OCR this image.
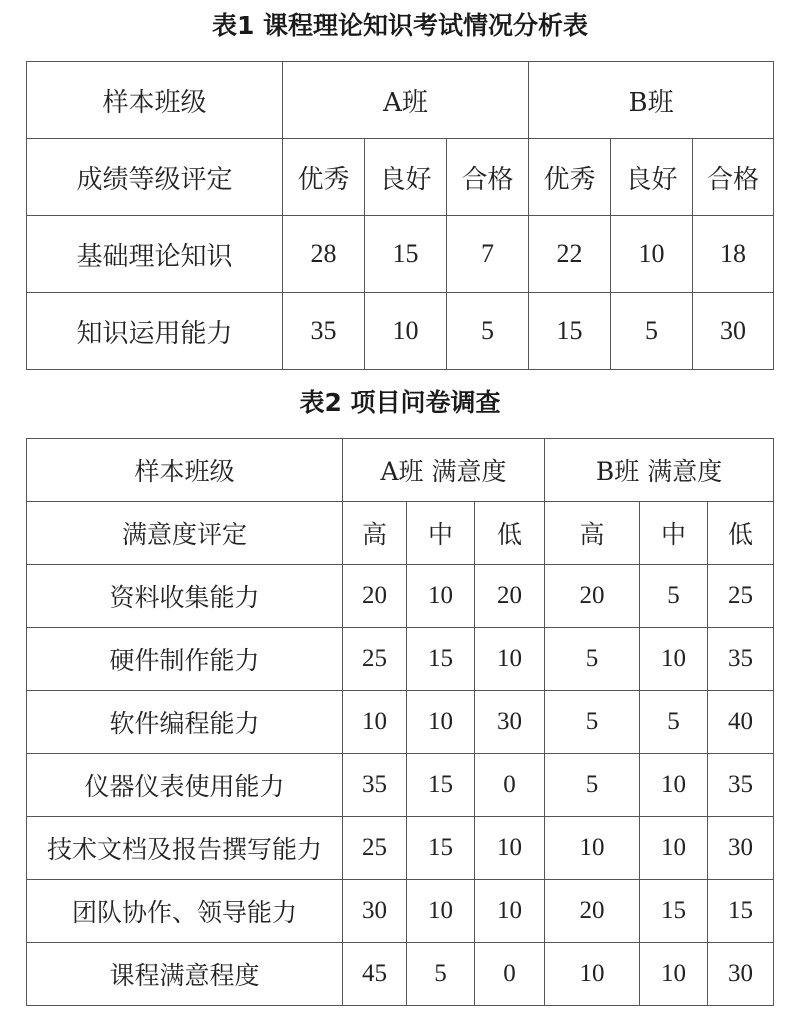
表1 课程理论知识考试情况分析表
样本班级	A班			B班		
成绩等级评定	优秀	良好	合格	优秀	良好	合格
基础理论知识	28	15	7	22	10	18
知识运用能力	35	10	5	15	5	30
表2 项目问卷调查
样本班级	A班 满意度			B班 满意度		
满意度评定	高	中	低	高	中	低
资料收集能力	20	10	20	20	5	25
硬件制作能力	25	15	10	5	10	35
软件编程能力	10	10	30	5	5	40
仪器仪表使用能力	35	15	0	5	10	35
技术文档及报告撰写能力	25	15	10	10	10	30
团队协作、领导能力	30	10	10	20	15	15
课程满意程度	45	5	0	10	10	30
